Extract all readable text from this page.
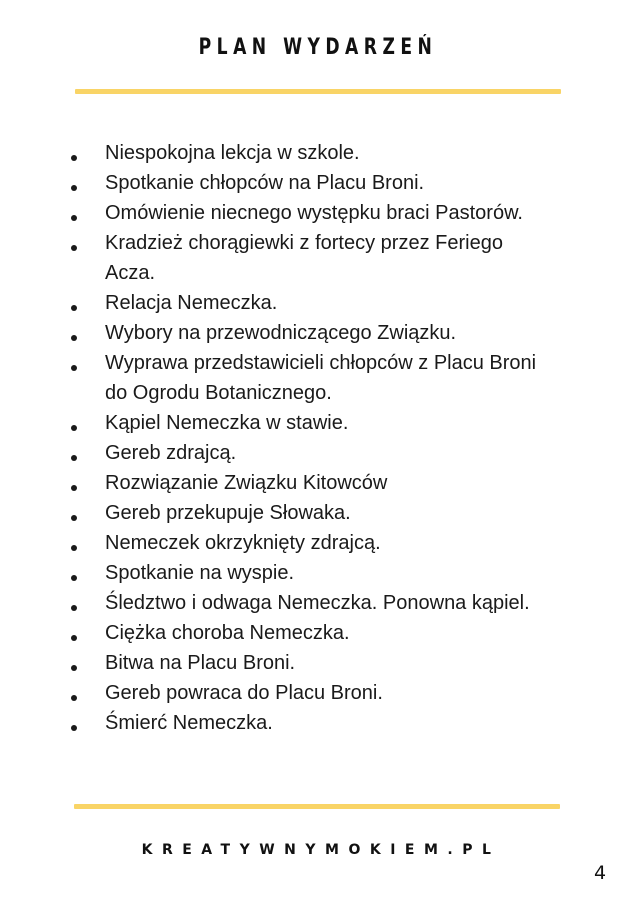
PLAN WYDARZEŃ
Niespokojna lekcja w szkole.
Spotkanie chłopców na Placu Broni.
Omówienie niecnego występku braci Pastorów.
Kradzież chorągiewki z fortecy przez Feriego Acza.
Relacja Nemeczka.
Wybory na przewodniczącego Związku.
Wyprawa przedstawicieli chłopców z Placu Broni do Ogrodu Botanicznego.
Kąpiel Nemeczka w stawie.
Gereb zdrajcą.
Rozwiązanie Związku Kitowców
Gereb przekupuje Słowaka.
Nemeczek okrzyknięty zdrajcą.
Spotkanie na wyspie.
Śledztwo i odwaga Nemeczka. Ponowna kąpiel.
Ciężka choroba Nemeczka.
Bitwa na Placu Broni.
Gereb powraca do Placu Broni.
Śmierć Nemeczka.
KREATYWNYMOKIEM.PL
4
